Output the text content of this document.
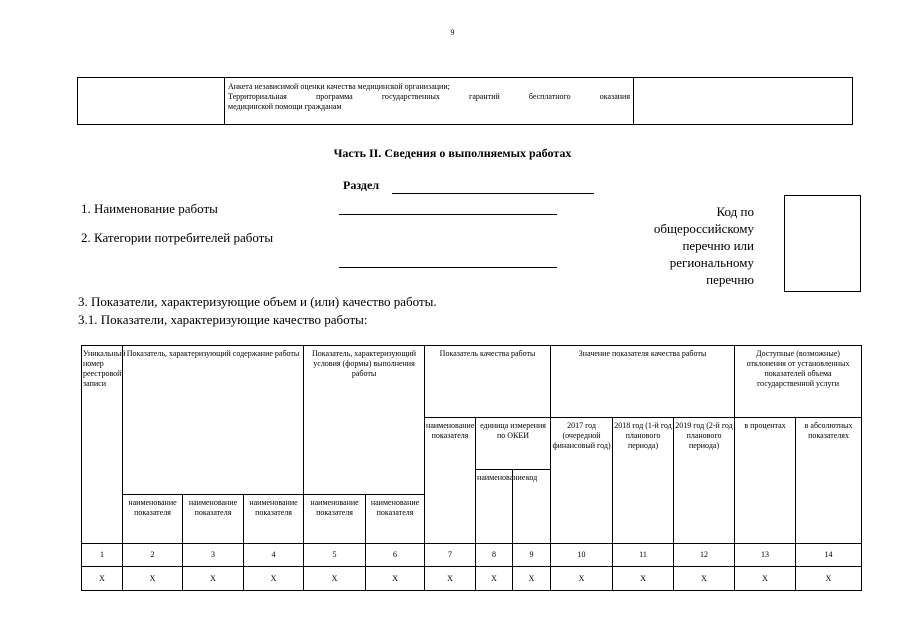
9

Анкета независимой оценки качества медицинской организации;
Территориальная программа государственных гарантий бесплатного оказания
медицинской помощи гражданам

Часть II. Сведения о выполняемых работах
Раздел
1. Наименование работы
2. Категории потребителей работы
Код по
общероссийскому
перечню или
региональному
перечню
3. Показатели, характеризующие объем и (или) качество работы.
3.1. Показатели, характеризующие качество работы:
Уникальный номер реестровой записи	Показатель, характеризующий содержание работы			Показатель, характеризующий условия (формы) выполнения работы		Показатель качества работы			Значение показателя качества работы			Доступные (возможные) отклонения от установленных показателей объема государственной услуги	
						наименование показателя	единица измерения по ОКЕИ		2017 год (очередной финансовый год)	2018 год (1-й год планового периода)	2019 год (2-й год планового периода)	в процентах	в абсолютных показателях
							наименование	код					
	наименование показателя	наименование показателя	наименование показателя	наименование показателя	наименование показателя								
1	2	3	4	5	6	7	8	9	10	11	12	13	14
Х	Х	Х	Х	Х	Х	Х	Х	Х	Х	Х	Х	Х	Х
